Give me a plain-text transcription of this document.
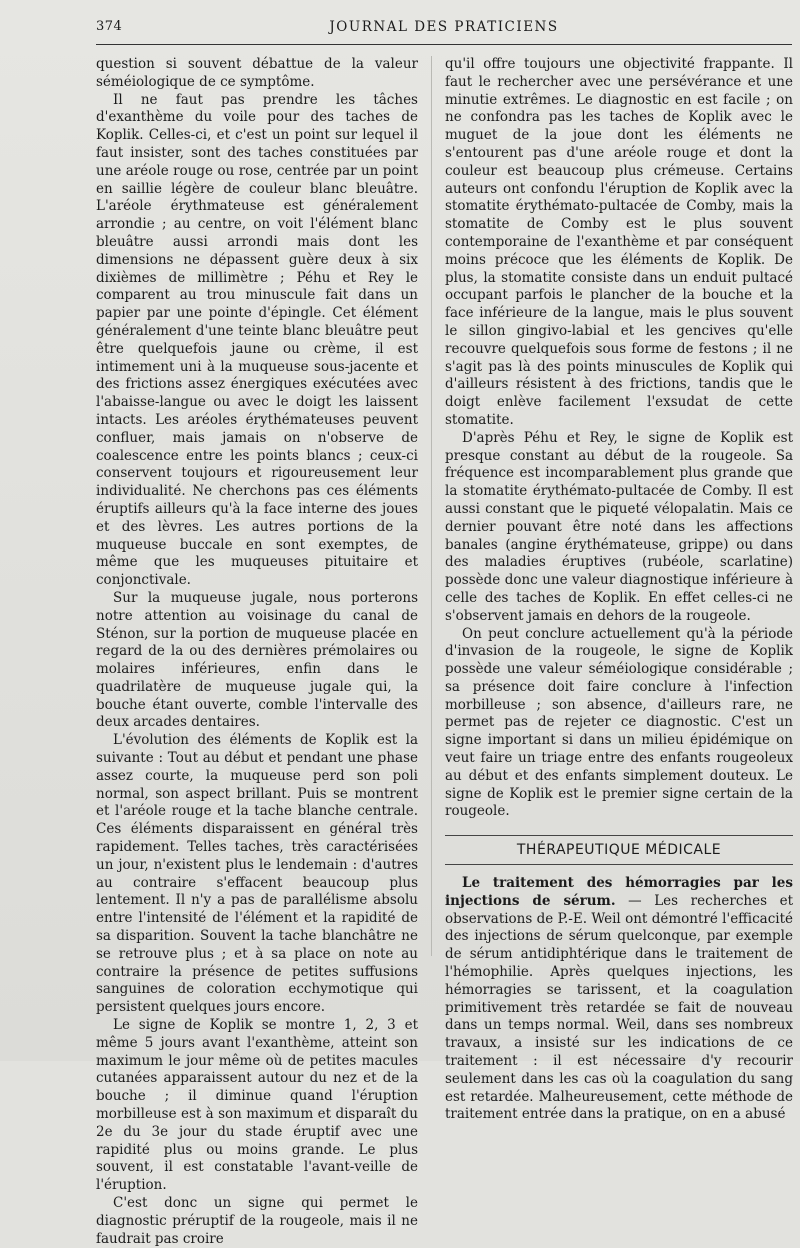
374	JOURNAL DES PRATICIENS

question si souvent débattue de la valeur séméiologique de ce symptôme.

Il ne faut pas prendre les tâches d'exanthème du voile pour des taches de Koplik. Celles-ci, et c'est un point sur lequel il faut insister, sont des taches constituées par une aréole rouge ou rose, centrée par un point en saillie légère de couleur blanc bleuâtre. L'aréole érythmateuse est généralement arrondie ; au centre, on voit l'élément blanc bleuâtre aussi arrondi mais dont les dimensions ne dépassent guère deux à six dixièmes de millimètre ; Péhu et Rey le comparent au trou minuscule fait dans un papier par une pointe d'épingle. Cet élément généralement d'une teinte blanc bleuâtre peut être quelquefois jaune ou crème, il est intimement uni à la muqueuse sous-jacente et des frictions assez énergiques exécutées avec l'abaisse-langue ou avec le doigt les laissent intacts. Les aréoles érythémateuses peuvent confluer, mais jamais on n'observe de coalescence entre les points blancs ; ceux-ci conservent toujours et rigoureusement leur individualité. Ne cherchons pas ces éléments éruptifs ailleurs qu'à la face interne des joues et des lèvres. Les autres portions de la muqueuse buccale en sont exemptes, de même que les muqueuses pituitaire et conjonctivale.

Sur la muqueuse jugale, nous porterons notre attention au voisinage du canal de Sténon, sur la portion de muqueuse placée en regard de la ou des dernières prémolaires ou molaires inférieures, enfin dans le quadrilatère de muqueuse jugale qui, la bouche étant ouverte, comble l'intervalle des deux arcades dentaires.

L'évolution des éléments de Koplik est la suivante : Tout au début et pendant une phase assez courte, la muqueuse perd son poli normal, son aspect brillant. Puis se montrent et l'aréole rouge et la tache blanche centrale. Ces éléments disparaissent en général très rapidement. Telles taches, très caractérisées un jour, n'existent plus le lendemain : d'autres au contraire s'effacent beaucoup plus lentement. Il n'y a pas de parallélisme absolu entre l'intensité de l'élément et la rapidité de sa disparition. Souvent la tache blanchâtre ne se retrouve plus ; et à sa place on note au contraire la présence de petites suffusions sanguines de coloration ecchymotique qui persistent quelques jours encore.

Le signe de Koplik se montre 1, 2, 3 et même 5 jours avant l'exanthème, atteint son maximum le jour même où de petites macules cutanées apparaissent autour du nez et de la bouche ; il diminue quand l'éruption morbilleuse est à son maximum et disparaît du 2e du 3e jour du stade éruptif avec une rapidité plus ou moins grande. Le plus souvent, il est constatable l'avant-veille de l'éruption.

C'est donc un signe qui permet le diagnostic préruptif de la rougeole, mais il ne faudrait pas croire

qu'il offre toujours une objectivité frappante. Il faut le rechercher avec une persévérance et une minutie extrêmes. Le diagnostic en est facile ; on ne confondra pas les taches de Koplik avec le muguet de la joue dont les éléments ne s'entourent pas d'une aréole rouge et dont la couleur est beaucoup plus crémeuse. Certains auteurs ont confondu l'éruption de Koplik avec la stomatite érythémato-pultacée de Comby, mais la stomatite de Comby est le plus souvent contemporaine de l'exanthème et par conséquent moins précoce que les éléments de Koplik. De plus, la stomatite consiste dans un enduit pultacé occupant parfois le plancher de la bouche et la face inférieure de la langue, mais le plus souvent le sillon gingivo-labial et les gencives qu'elle recouvre quelquefois sous forme de festons ; il ne s'agit pas là des points minuscules de Koplik qui d'ailleurs résistent à des frictions, tandis que le doigt enlève facilement l'exsudat de cette stomatite.

D'après Péhu et Rey, le signe de Koplik est presque constant au début de la rougeole. Sa fréquence est incomparablement plus grande que la stomatite érythémato-pultacée de Comby. Il est aussi constant que le piqueté vélopalatin. Mais ce dernier pouvant être noté dans les affections banales (angine érythémateuse, grippe) ou dans des maladies éruptives (rubéole, scarlatine) possède donc une valeur diagnostique inférieure à celle des taches de Koplik. En effet celles-ci ne s'observent jamais en dehors de la rougeole.

On peut conclure actuellement qu'à la période d'invasion de la rougeole, le signe de Koplik possède une valeur séméiologique considérable ; sa présence doit faire conclure à l'infection morbilleuse ; son absence, d'ailleurs rare, ne permet pas de rejeter ce diagnostic. C'est un signe important si dans un milieu épidémique on veut faire un triage entre des enfants rougeoleux au début et des enfants simplement douteux. Le signe de Koplik est le premier signe certain de la rougeole.

THÉRAPEUTIQUE MÉDICALE

Le traitement des hémorragies par les injections de sérum. — Les recherches et observations de P.-E. Weil ont démontré l'efficacité des injections de sérum quelconque, par exemple de sérum antidiphtérique dans le traitement de l'hémophilie. Après quelques injections, les hémorragies se tarissent, et la coagulation primitivement très retardée se fait de nouveau dans un temps normal. Weil, dans ses nombreux travaux, a insisté sur les indications de ce traitement : il est nécessaire d'y recourir seulement dans les cas où la coagulation du sang est retardée. Malheureusement, cette méthode de traitement entrée dans la pratique, on en a abusé
